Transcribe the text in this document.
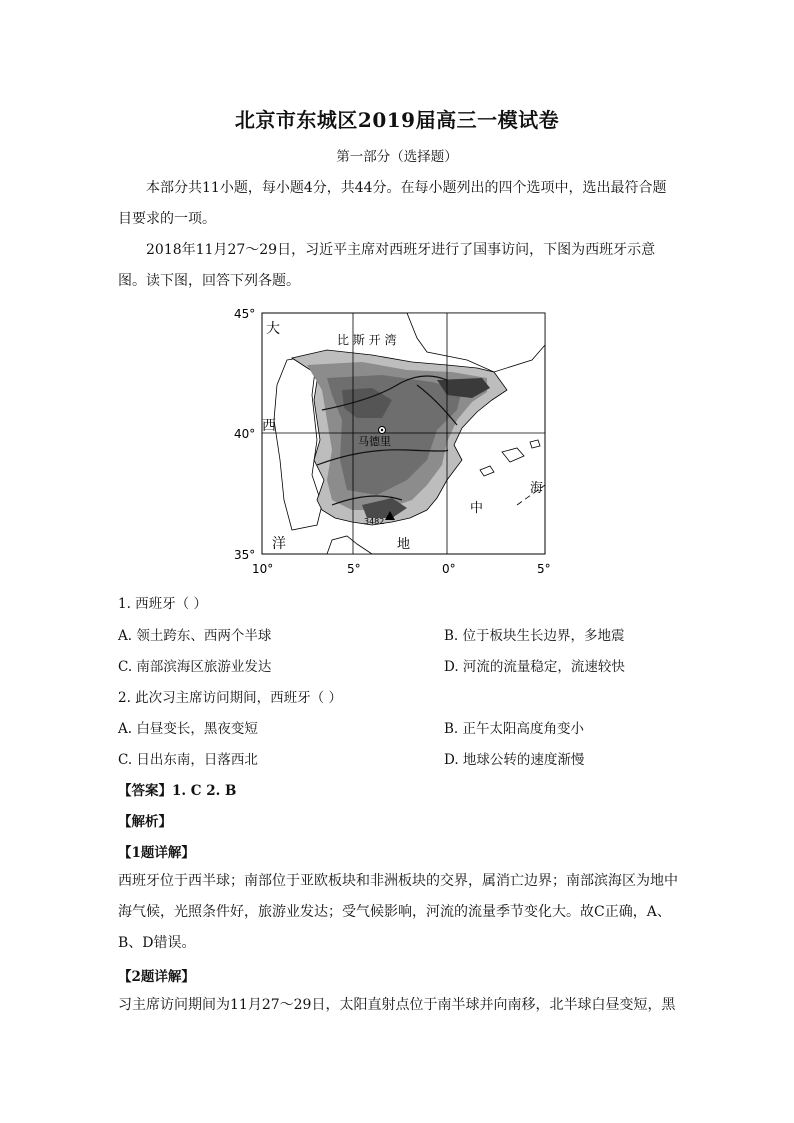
北京市东城区2019届高三一模试卷
第一部分（选择题）
本部分共11小题，每小题4分，共44分。在每小题列出的四个选项中，选出最符合题目要求的一项。
2018年11月27～29日，习近平主席对西班牙进行了国事访问，下图为西班牙示意图。读下图，回答下列各题。
45°
40°
35°
10°	5°	0°	5°
大
西
洋
比 斯 开 湾
马德里
3482
中
地
海
1. 西班牙（ ）
A. 领土跨东、西两个半球	B. 位于板块生长边界，多地震
C. 南部滨海区旅游业发达	D. 河流的流量稳定，流速较快
2. 此次习主席访问期间，西班牙（ ）
A. 白昼变长，黑夜变短	B. 正午太阳高度角变小
C. 日出东南，日落西北	D. 地球公转的速度渐慢
【答案】1. C 2. B
【解析】
【1题详解】
西班牙位于西半球；南部位于亚欧板块和非洲板块的交界，属消亡边界；南部滨海区为地中海气候，光照条件好，旅游业发达；受气候影响，河流的流量季节变化大。故C正确，A、B、D错误。
【2题详解】
习主席访问期间为11月27～29日，太阳直射点位于南半球并向南移，北半球白昼变短，黑
